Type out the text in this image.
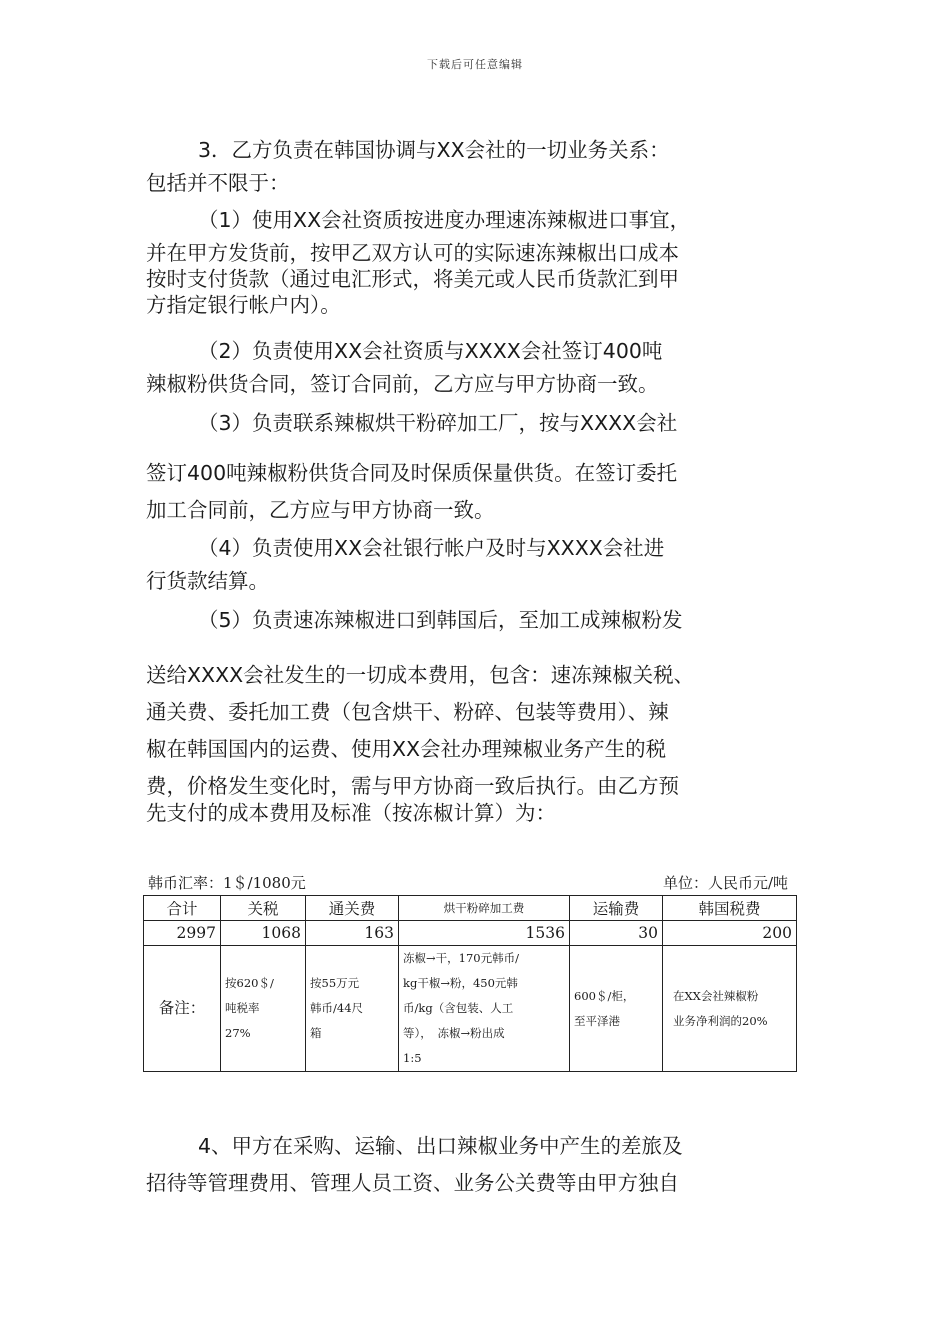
下载后可任意编辑

3．乙方负责在韩国协调与XX会社的一切业务关系：
包括并不限于：

（1）使用XX会社资质按进度办理速冻辣椒进口事宜，
并在甲方发货前，按甲乙双方认可的实际速冻辣椒出口成本
按时支付货款（通过电汇形式，将美元或人民币货款汇到甲
方指定银行帐户内）。

（2）负责使用XX会社资质与XXXX会社签订400吨
辣椒粉供货合同，签订合同前，乙方应与甲方协商一致。

（3）负责联系辣椒烘干粉碎加工厂，按与XXXX会社
签订400吨辣椒粉供货合同及时保质保量供货。在签订委托
加工合同前，乙方应与甲方协商一致。

（4）负责使用XX会社银行帐户及时与XXXX会社进
行货款结算。

（5）负责速冻辣椒进口到韩国后，至加工成辣椒粉发
送给XXXX会社发生的一切成本费用，包含：速冻辣椒关税、
通关费、委托加工费（包含烘干、粉碎、包装等费用）、辣
椒在韩国国内的运费、使用XX会社办理辣椒业务产生的税
费，价格发生变化时，需与甲方协商一致后执行。由乙方预
先支付的成本费用及标准（按冻椒计算）为：

韩币汇率：1＄/1080元	单位：人民币元/吨
合计	关税	通关费	烘干粉碎加工费	运输费	韩国税费
2997	1068	163	1536	30	200
备注：	按620＄/
吨税率
27%	按55万元
韩币/44尺
箱	冻椒→干，170元韩币/
kg干椒→粉，450元韩
币/kg（含包装、人工
等），　冻椒→粉出成
1:5	600＄/柜，
至平泽港	在XX会社辣椒粉
业务净利润的20%

4、甲方在采购、运输、出口辣椒业务中产生的差旅及
招待等管理费用、管理人员工资、业务公关费等由甲方独自
